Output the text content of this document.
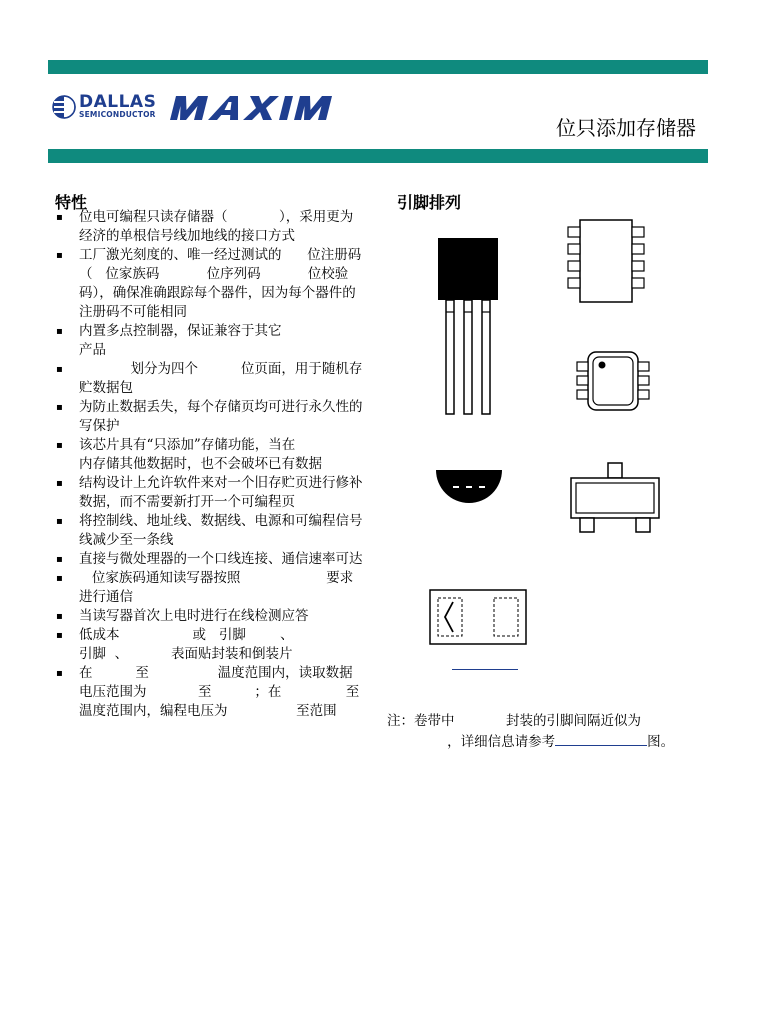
DALLAS
SEMICONDUCTOR
位只添加存储器
特性
▪ 位电可编程只读存储器（            ），采用更为经济的单根信号线加地线的接口方式
▪ 工厂激光刻度的、唯一经过测试的      位注册码（   位家族码           位序列码           位校验码），确保准确跟踪每个器件，因为每个器件的注册码不可能相同
▪ 内置多点控制器，保证兼容于其它                    产品
▪ 划分为四个          位页面，用于随机存贮数据包
▪ 为防止数据丢失，每个存储页均可进行永久性的写保护
▪ 该芯片具有“只添加”存储功能，当在              内存储其他数据时，也不会破坏已有数据
▪ 结构设计上允许软件来对一个旧存贮页进行修补数据，而不需要新打开一个可编程页
▪ 将控制线、地址线、数据线、电源和可编程信号线减少至一条线
▪ 直接与微处理器的一个口线连接、通信速率可达
▪ 位家族码通知读写器按照                    要求进行通信
▪ 当读写器首次上电时进行在线检测应答
▪ 低成本                 或   引脚        、               引脚  、          表面贴封装和倒装片
▪ 在          至                温度范围内，读取数据电压范围为            至          ；在               至温度范围内，编程电压为                至范围
引脚排列
注：卷带中            封装的引脚间隔近似为
，详细信息请参考	图。
